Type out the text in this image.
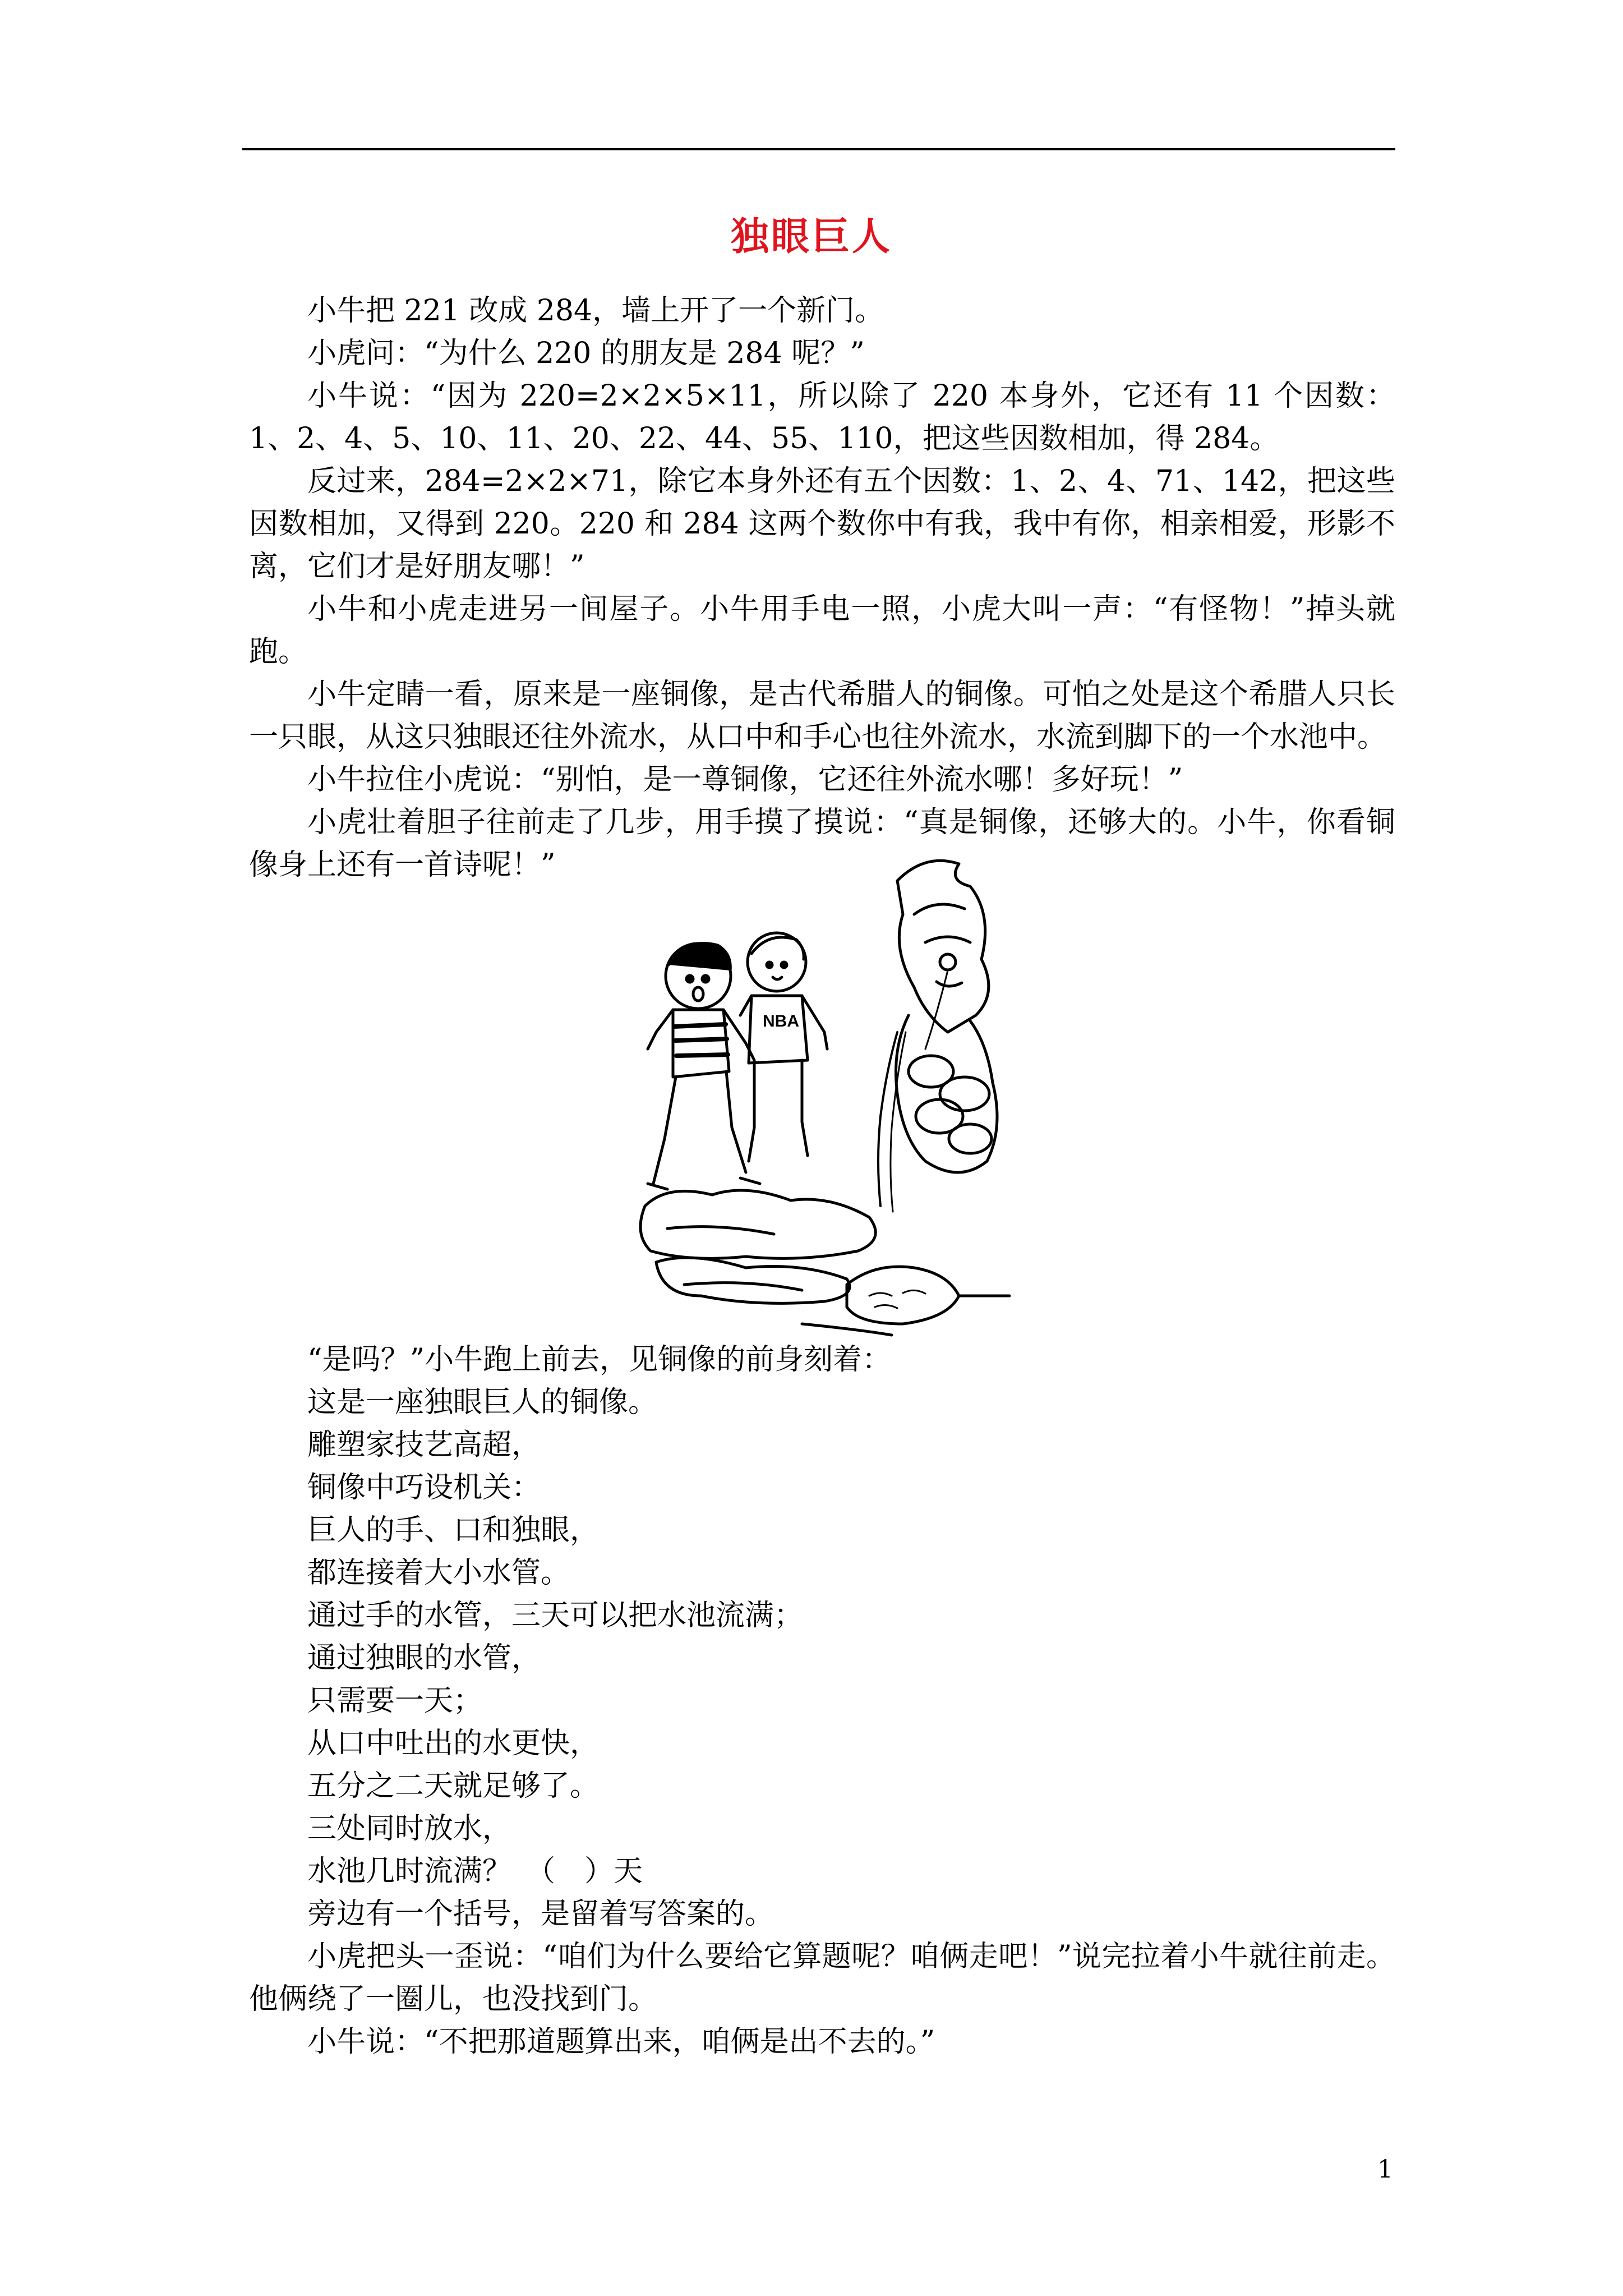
独眼巨人

小牛把 221 改成 284，墙上开了一个新门。

小虎问：“为什么 220 的朋友是 284 呢？”

小牛说：“因为 220=2×2×5×11，所以除了 220 本身外，它还有 11 个因数：1、2、4、5、10、11、20、22、44、55、110，把这些因数相加，得 284。

反过来，284=2×2×71，除它本身外还有五个因数：1、2、4、71、142，把这些因数相加，又得到 220。220 和 284 这两个数你中有我，我中有你，相亲相爱，形影不离，它们才是好朋友哪！”

小牛和小虎走进另一间屋子。小牛用手电一照，小虎大叫一声：“有怪物！”掉头就跑。

小牛定睛一看，原来是一座铜像，是古代希腊人的铜像。可怕之处是这个希腊人只长一只眼，从这只独眼还往外流水，从口中和手心也往外流水，水流到脚下的一个水池中。

小牛拉住小虎说：“别怕，是一尊铜像，它还往外流水哪！多好玩！”

小虎壮着胆子往前走了几步，用手摸了摸说：“真是铜像，还够大的。小牛，你看铜像身上还有一首诗呢！”

NBA

“是吗？”小牛跑上前去，见铜像的前身刻着：

这是一座独眼巨人的铜像。

雕塑家技艺高超，

铜像中巧设机关：

巨人的手、口和独眼，

都连接着大小水管。

通过手的水管，三天可以把水池流满；

通过独眼的水管，

只需要一天；

从口中吐出的水更快，

五分之二天就足够了。

三处同时放水，

水池几时流满？　（　）天

旁边有一个括号，是留着写答案的。

小虎把头一歪说：“咱们为什么要给它算题呢？咱俩走吧！”说完拉着小牛就往前走。他俩绕了一圈儿，也没找到门。

小牛说：“不把那道题算出来，咱俩是出不去的。”

1
